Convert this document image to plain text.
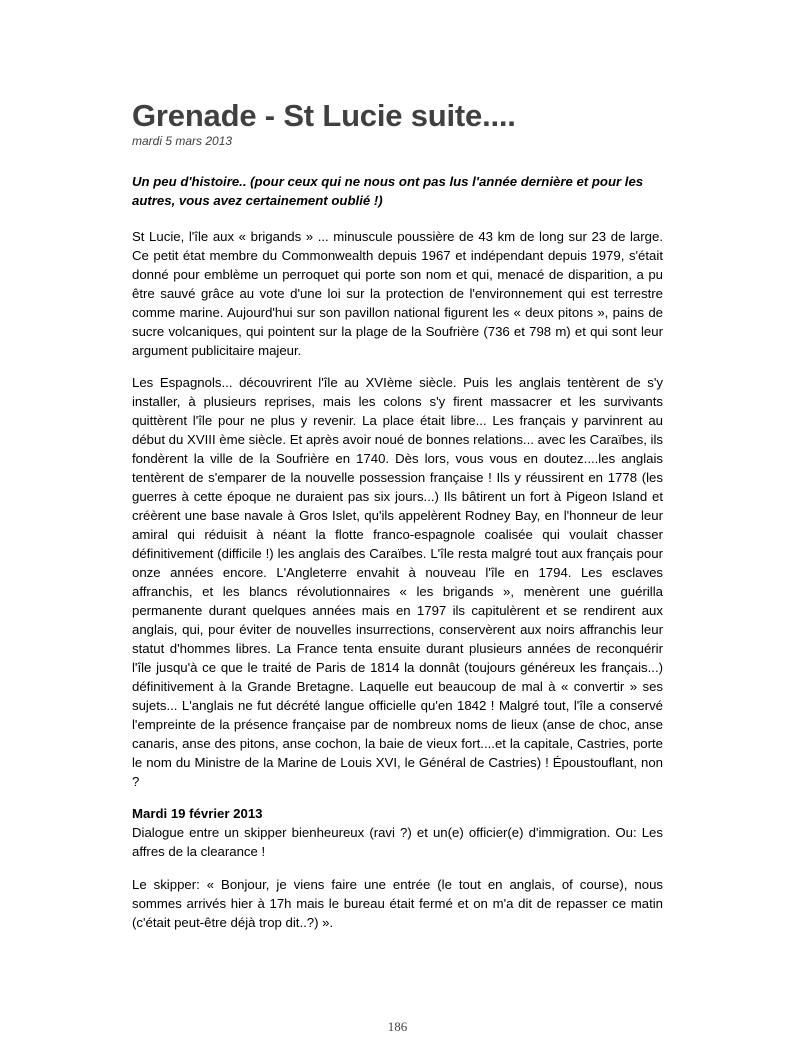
Grenade - St Lucie suite....

mardi 5 mars 2013

Un peu d'histoire.. (pour ceux qui ne nous ont pas lus l'année dernière et pour les autres, vous avez certainement oublié !)

St Lucie, l'île aux « brigands » ... minuscule poussière de 43 km de long sur 23 de large. Ce petit état membre du Commonwealth depuis 1967 et indépendant depuis 1979, s'était donné pour emblème un perroquet qui porte son nom et qui, menacé de disparition, a pu être sauvé grâce au vote d'une loi sur la protection de l'environnement qui est terrestre comme marine. Aujourd'hui sur son pavillon national figurent les « deux pitons », pains de sucre volcaniques, qui pointent sur la plage de la Soufrière (736 et 798 m) et qui sont leur argument publicitaire majeur.

Les Espagnols... découvrirent l'île au XVIème siècle. Puis les anglais tentèrent de s'y installer, à plusieurs reprises, mais les colons s'y firent massacrer et les survivants quittèrent l'île pour ne plus y revenir. La place était libre... Les français y parvinrent au début du XVIII ème siècle. Et après avoir noué de bonnes relations... avec les Caraïbes, ils fondèrent la ville de la Soufrière en 1740. Dès lors, vous vous en doutez....les anglais tentèrent de s'emparer de la nouvelle possession française ! Ils y réussirent en 1778 (les guerres à cette époque ne duraient pas six jours...) Ils bâtirent un fort à Pigeon Island et créèrent une base navale à Gros Islet, qu'ils appelèrent Rodney Bay, en l'honneur de leur amiral qui réduisit à néant la flotte franco-espagnole coalisée qui voulait chasser définitivement (difficile !) les anglais des Caraïbes. L'île resta malgré tout aux français pour onze années encore. L'Angleterre envahit à nouveau l'île en 1794. Les esclaves affranchis, et les blancs révolutionnaires « les brigands », menèrent une guérilla permanente durant quelques années mais en 1797 ils capitulèrent et se rendirent aux anglais, qui, pour éviter de nouvelles insurrections, conservèrent aux noirs affranchis leur statut d'hommes libres. La France tenta ensuite durant plusieurs années de reconquérir l'île jusqu'à ce que le traité de Paris de 1814 la donnât (toujours généreux les français...) définitivement à la Grande Bretagne. Laquelle eut beaucoup de mal à « convertir » ses sujets... L'anglais ne fut décrété langue officielle qu'en 1842 ! Malgré tout, l'île a conservé l'empreinte de la présence française par de nombreux noms de lieux (anse de choc, anse canaris, anse des pitons, anse cochon, la baie de vieux fort....et la capitale, Castries, porte le nom du Ministre de la Marine de Louis XVI, le Général de Castries) ! Époustouflant, non ?

Mardi 19 février 2013

Dialogue entre un skipper bienheureux (ravi ?) et un(e) officier(e) d'immigration. Ou: Les affres de la clearance !

Le skipper: « Bonjour, je viens faire une entrée (le tout en anglais, of course), nous sommes arrivés hier à 17h mais le bureau était fermé et on m'a dit de repasser ce matin (c'était peut-être déjà trop dit..?) ».

186
